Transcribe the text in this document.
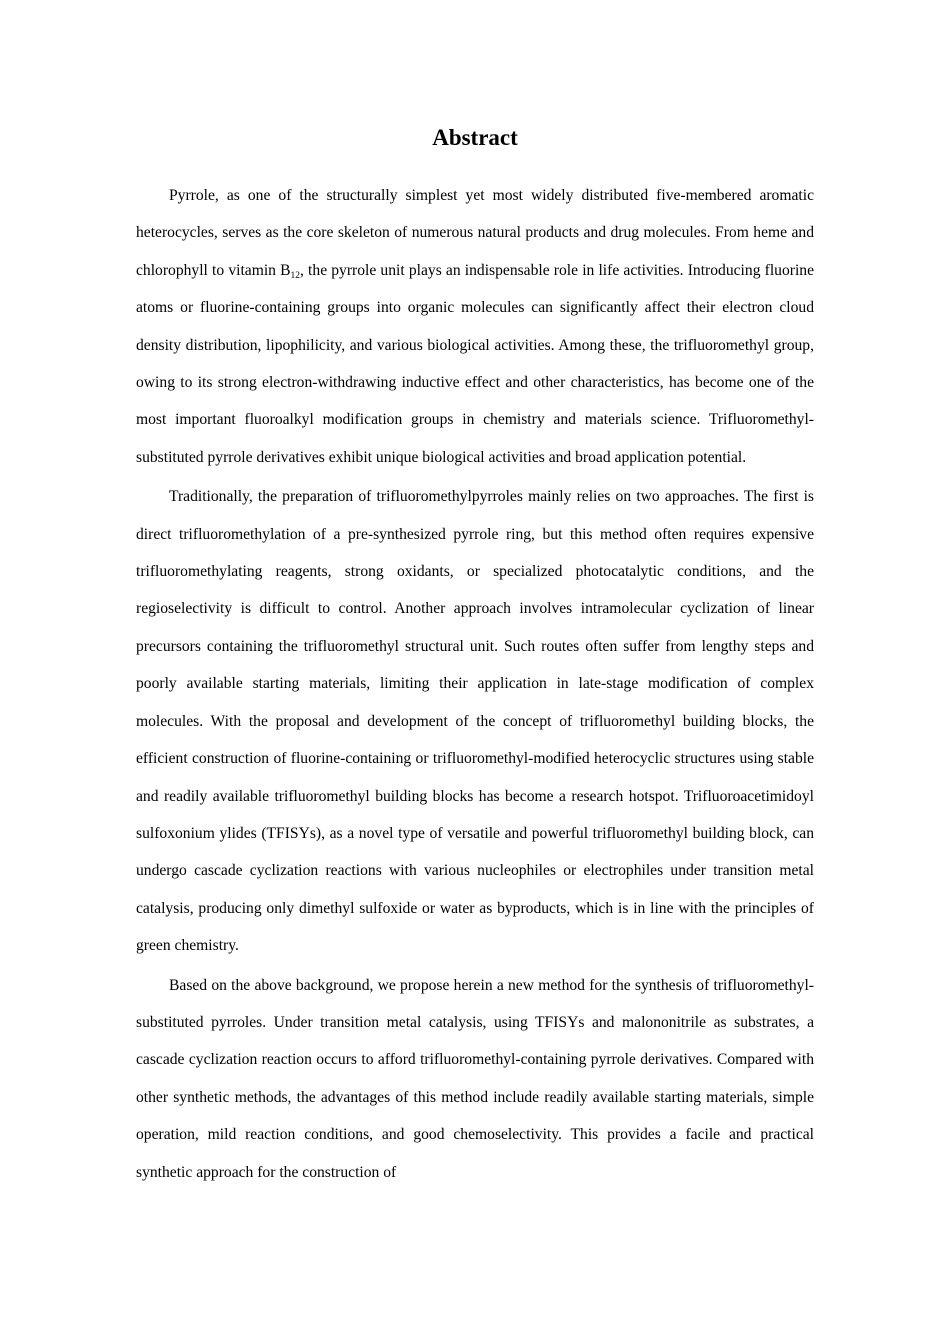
Abstract

Pyrrole, as one of the structurally simplest yet most widely distributed five-membered aromatic heterocycles, serves as the core skeleton of numerous natural products and drug molecules. From heme and chlorophyll to vitamin $B_{12}$, the pyrrole unit plays an indispensable role in life activities. Introducing fluorine atoms or fluorine-containing groups into organic molecules can significantly affect their electron cloud density distribution, lipophilicity, and various biological activities. Among these, the trifluoromethyl group, owing to its strong electron-withdrawing inductive effect and other characteristics, has become one of the most important fluoroalkyl modification groups in chemistry and materials science. Trifluoromethyl-substituted pyrrole derivatives exhibit unique biological activities and broad application potential.

Traditionally, the preparation of trifluoromethylpyrroles mainly relies on two approaches. The first is direct trifluoromethylation of a pre-synthesized pyrrole ring, but this method often requires expensive trifluoromethylating reagents, strong oxidants, or specialized photocatalytic conditions, and the regioselectivity is difficult to control. Another approach involves intramolecular cyclization of linear precursors containing the trifluoromethyl structural unit. Such routes often suffer from lengthy steps and poorly available starting materials, limiting their application in late-stage modification of complex molecules. With the proposal and development of the concept of trifluoromethyl building blocks, the efficient construction of fluorine-containing or trifluoromethyl-modified heterocyclic structures using stable and readily available trifluoromethyl building blocks has become a research hotspot. Trifluoroacetimidoyl sulfoxonium ylides (TFISYs), as a novel type of versatile and powerful trifluoromethyl building block, can undergo cascade cyclization reactions with various nucleophiles or electrophiles under transition metal catalysis, producing only dimethyl sulfoxide or water as byproducts, which is in line with the principles of green chemistry.

Based on the above background, we propose herein a new method for the synthesis of trifluoromethyl-substituted pyrroles. Under transition metal catalysis, using TFISYs and malononitrile as substrates, a cascade cyclization reaction occurs to afford trifluoromethyl-containing pyrrole derivatives. Compared with other synthetic methods, the advantages of this method include readily available starting materials, simple operation, mild reaction conditions, and good chemoselectivity. This provides a facile and practical synthetic approach for the construction of
